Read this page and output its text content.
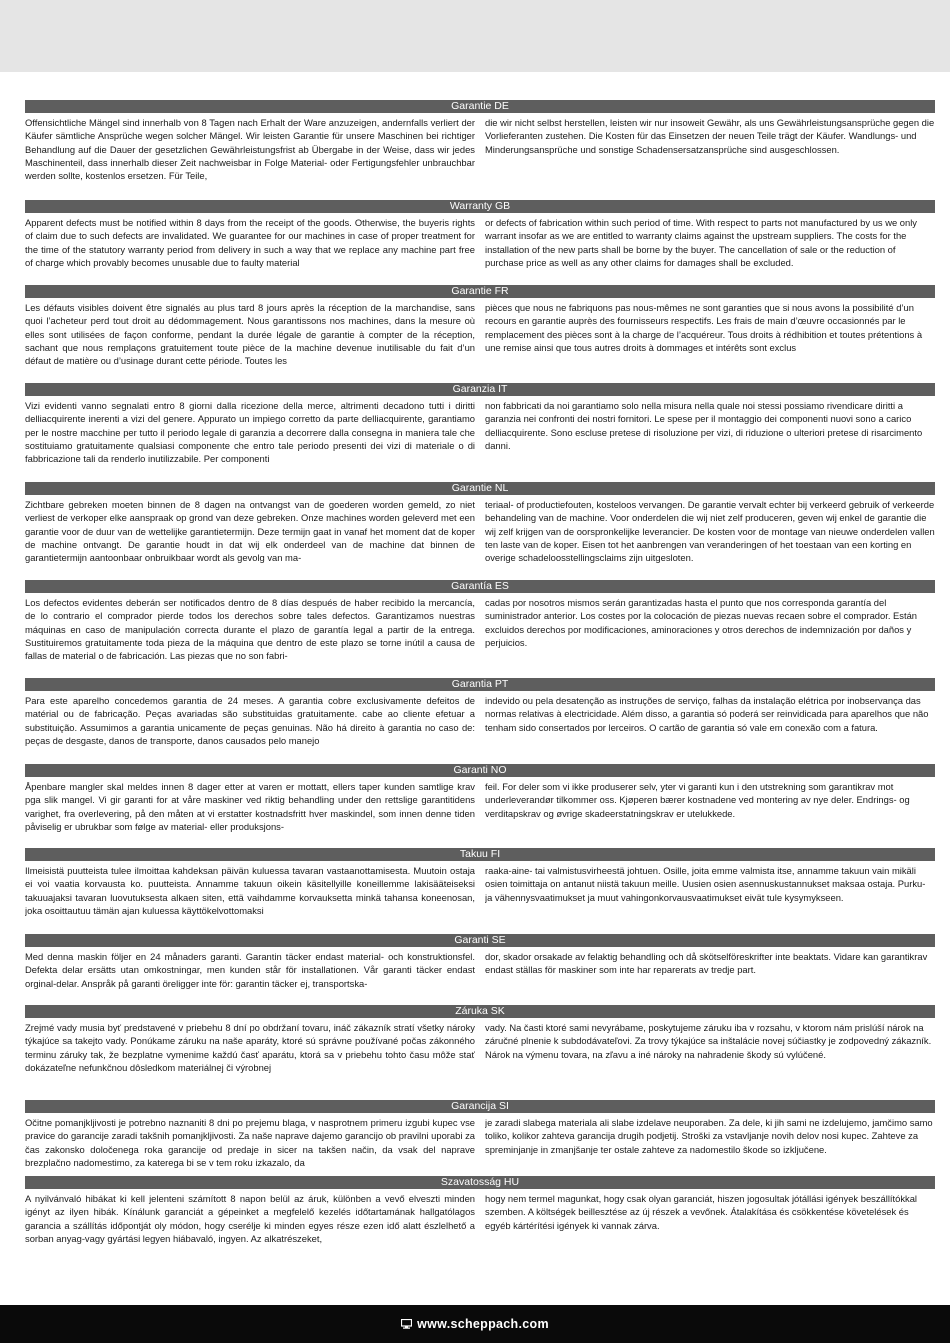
Garantie DE
Offensichtliche Mängel sind innerhalb von 8 Tagen nach Erhalt der Ware anzuzeigen, andernfalls verliert der Käufer sämtliche Ansprüche wegen solcher Mängel. Wir leisten Garantie für unsere Maschinen bei richtiger Behandlung auf die Dauer der gesetzlichen Gewährleistungsfrist ab Übergabe in der Weise, dass wir jedes Maschinenteil, dass innerhalb dieser Zeit nachweisbar in Folge Material- oder Fertigungsfehler unbrauchbar werden sollte, kostenlos ersetzen. Für Teile,
die wir nicht selbst herstellen, leisten wir nur insoweit Gewähr, als uns Gewährleistungsansprüche gegen die Vorlieferanten zustehen. Die Kosten für das Einsetzen der neuen Teile trägt der Käufer. Wandlungs- und Minderungsansprüche und sonstige Schadensersatzansprüche sind ausgeschlossen.
Warranty GB
Apparent defects must be notified within 8 days from the receipt of the goods. Otherwise, the buyeris rights of claim due to such defects are invalidated. We guarantee for our machines in case of proper treatment for the time of the statutory warranty period from delivery in such a way that we replace any machine part free of charge which provably becomes unusable due to faulty material
or defects of fabrication within such period of time. With respect to parts not manufactured by us we only warrant insofar as we are entitled to warranty claims against the upstream suppliers. The costs for the installation of the new parts shall be borne by the buyer. The cancellation of sale or the reduction of purchase price as well as any other claims for damages shall be excluded.
Garantie FR
Les défauts visibles doivent être signalés au plus tard 8 jours après la réception de la marchandise, sans quoi l’acheteur perd tout droit au dédommagement. Nous garantissons nos machines, dans la mesure où elles sont utilisées de façon conforme, pendant la durée légale de garantie à compter de la réception, sachant que nous remplaçons gratuitement toute pièce de la machine devenue inutilisable du fait d’un défaut de matière ou d’usinage durant cette période. Toutes les
pièces que nous ne fabriquons pas nous-mêmes ne sont garanties que si nous avons la possibilité d’un recours en garantie auprès des fournisseurs respectifs. Les frais de main d’œuvre occasionnés par le remplacement des pièces sont à la charge de l’acquéreur. Tous droits à rédhibition et toutes prétentions à une remise ainsi que tous autres droits à dommages et intérêts sont exclus
Garanzia IT
Vizi evidenti vanno segnalati entro 8 giorni dalla ricezione della merce, altrimenti decadono tutti i diritti delliacquirente inerenti a vizi del genere. Appurato un impiego corretto da parte delliacquirente, garantiamo per le nostre macchine per tutto il periodo legale di garanzia a decorrere dalla consegna in maniera tale che sostituiamo gratuitamente qualsiasi componente che entro tale periodo presenti dei vizi di materiale o di fabbricazione tali da renderlo inutilizzabile. Per componenti
non fabbricati da noi garantiamo solo nella misura nella quale noi stessi possiamo rivendicare diritti a garanzia nei confronti dei nostri fornitori. Le spese per il montaggio dei componenti nuovi sono a carico delliacquirente. Sono escluse pretese di risoluzione per vizi, di riduzione o ulteriori pretese di risarcimento danni.
Garantie NL
Zichtbare gebreken moeten binnen de 8 dagen na ontvangst van de goederen worden gemeld, zo niet verliest de verkoper elke aanspraak op grond van deze gebreken. Onze machines worden geleverd met een garantie voor de duur van de wettelijke garantietermijn. Deze termijn gaat in vanaf het moment dat de koper de machine ontvangt. De garantie houdt in dat wij elk onderdeel van de machine dat binnen de garantietermijn aantoonbaar onbruikbaar wordt als gevolg van ma-
teriaal- of productiefouten, kosteloos vervangen. De garantie vervalt echter bij verkeerd gebruik of verkeerde behandeling van de machine. Voor onderdelen die wij niet zelf produceren, geven wij enkel de garantie die wij zelf krijgen van de oorspronkelijke leverancier. De kosten voor de montage van nieuwe onderdelen vallen ten laste van de koper. Eisen tot het aanbrengen van veranderingen of het toestaan van een korting en overige schadeloosstellingsclaims zijn uitgesloten.
Garantía ES
Los defectos evidentes deberán ser notificados dentro de 8 días después de haber recibido la mercancía, de lo contrario el comprador pierde todos los derechos sobre tales defectos. Garantizamos nuestras máquinas en caso de manipulación correcta durante el plazo de garantía legal a partir de la entrega. Sustituiremos gratuitamente toda pieza de la máquina que dentro de este plazo se torne inútil a causa de fallas de material o de fabricación. Las piezas que no son fabri-
cadas por nosotros mismos serán garantizadas hasta el punto que nos corresponda garantía del suministrador anterior. Los costes por la colocación de piezas nuevas recaen sobre el comprador. Están excluidos derechos por modificaciones, aminoraciones y otros derechos de indemnización por daños y perjuicios.
Garantia PT
Para este aparelho concedemos garantia de 24 meses. A garantia cobre exclusivamente defeitos de matérial ou de fabricação. Peças avariadas são substituidas gratuitamente. cabe ao cliente efetuar a substituição. Assumimos a garantia unicamente de peças genuinas. Não há direito à garantia no caso de: peças de desgaste, danos de transporte, danos causados pelo manejo
indevido ou pela desatenção as instruções de serviço, falhas da instalação elétrica por inobservança das normas relativas à electricidade. Além disso, a garantia só poderá ser reinvidicada para aparelhos que não tenham sido consertados por lerceiros. O cartão de garantia só vale em conexão com a fatura.
Garanti NO
Åpenbare mangler skal meldes innen 8 dager etter at varen er mottatt, ellers taper kunden samtlige krav pga slik mangel. Vi gir garanti for at våre maskiner ved riktig behandling under den rettslige garantitidens varighet, fra overlevering, på den måten at vi erstatter kostnadsfritt hver maskindel, som innen denne tiden påviselig er ubrukbar som følge av material- eller produksjons-
feil. For deler som vi ikke produserer selv, yter vi garanti kun i den utstrekning som garantikrav mot underleverandør tilkommer oss. Kjøperen bærer kostnadene ved montering av nye deler. Endrings- og verditapskrav og øvrige skadeerstatningskrav er utelukkede.
Takuu FI
Ilmeisistä puutteista tulee ilmoittaa kahdeksan päivän kuluessa tavaran vastaanottamisesta. Muutoin ostaja ei voi vaatia korvausta ko. puutteista. Annamme takuun oikein käsitellyille koneillemme lakisääteiseksi takuuajaksi tavaran luovutuksesta alkaen siten, että vaihdamme korvauksetta minkä tahansa koneenosan, joka osoittautuu tämän ajan kuluessa käyttökelvottomaksi
raaka-aine- tai valmistusvirheestä johtuen. Osille, joita emme valmista itse, annamme takuun vain mikäli osien toimittaja on antanut niistä takuun meille. Uusien osien asennuskustannukset maksaa ostaja. Purku- ja vähennysvaatimukset ja muut vahingonkorvausvaatimukset eivät tule kysymykseen.
Garanti SE
Med denna maskin följer en 24 månaders garanti. Garantin täcker endast material- och konstruktionsfel. Defekta delar ersätts utan omkostningar, men kunden står för installationen. Vår garanti täcker endast orginal-delar. Anspråk på garanti öreligger inte för: garantin täcker ej, transportska-
dor, skador orsakade av felaktig behandling och då skötselföreskrifter inte beaktats. Vidare kan garantikrav endast ställas för maskiner som inte har reparerats av tredje part.
Záruka SK
Zrejmé vady musia byť predstavené v priebehu 8 dní po obdržaní tovaru, ináč zákazník stratí všetky nároky týkajúce sa takejto vady. Ponúkame záruku na naše aparáty, ktoré sú správne používané počas zákonného terminu záruky tak, že bezplatne vymenime každú časť aparátu, ktorá sa v priebehu tohto času môže stať dokázateľne nefunkčnou dôsledkom materiálnej či výrobnej
vady. Na časti ktoré sami nevyrábame, poskytujeme záruku iba v rozsahu, v ktorom nám prislúší nárok na záručné plnenie k subdodávateľovi. Za trovy týkajúce sa inštalácie novej súčiastky je zodpovedný zákazník. Nárok na výmenu tovara, na zľavu a iné nároky na nahradenie škody sú vylúčené.
Garancija SI
Očitne pomanjkljivosti je potrebno naznaniti 8 dni po prejemu blaga, v nasprotnem primeru izgubi kupec vse pravice do garancije zaradi takšnih pomanjkljivosti. Za naše naprave dajemo garancijo ob pravilni uporabi za čas zakonsko določenega roka garancije od predaje in sicer na takšen način, da vsak del naprave brezplačno nadomestimo, za katerega bi se v tem roku izkazalo, da
je zaradi slabega materiala ali slabe izdelave neuporaben. Za dele, ki jih sami ne izdelujemo, jamčimo samo toliko, kolikor zahteva garancija drugih podjetij. Stroški za vstavljanje novih delov nosi kupec. Zahteve za spreminjanje in zmanjšanje ter ostale zahteve za nadomestilo škode so izključene.
Szavatosság HU
A nyilvánvaló hibákat ki kell jelenteni számított 8 napon belül az áruk, különben a vevő elveszti minden igényt az ilyen hibák. Kínálunk garanciát a gépeinket a megfelelő kezelés időtartamának hallgatólagos garancia a szállítás időpontját oly módon, hogy cserélje ki minden egyes része ezen idő alatt észlelhető a sorban anyag-vagy gyártási legyen hiábavaló, ingyen. Az alkatrészeket,
hogy nem termel magunkat, hogy csak olyan garanciát, hiszen jogosultak jótállási igények beszállítókkal szemben. A költségek beillesztése az új részek a vevőnek. Átalakítása és csökkentése követelések és egyéb kártérítési igények ki vannak zárva.
www.scheppach.com
